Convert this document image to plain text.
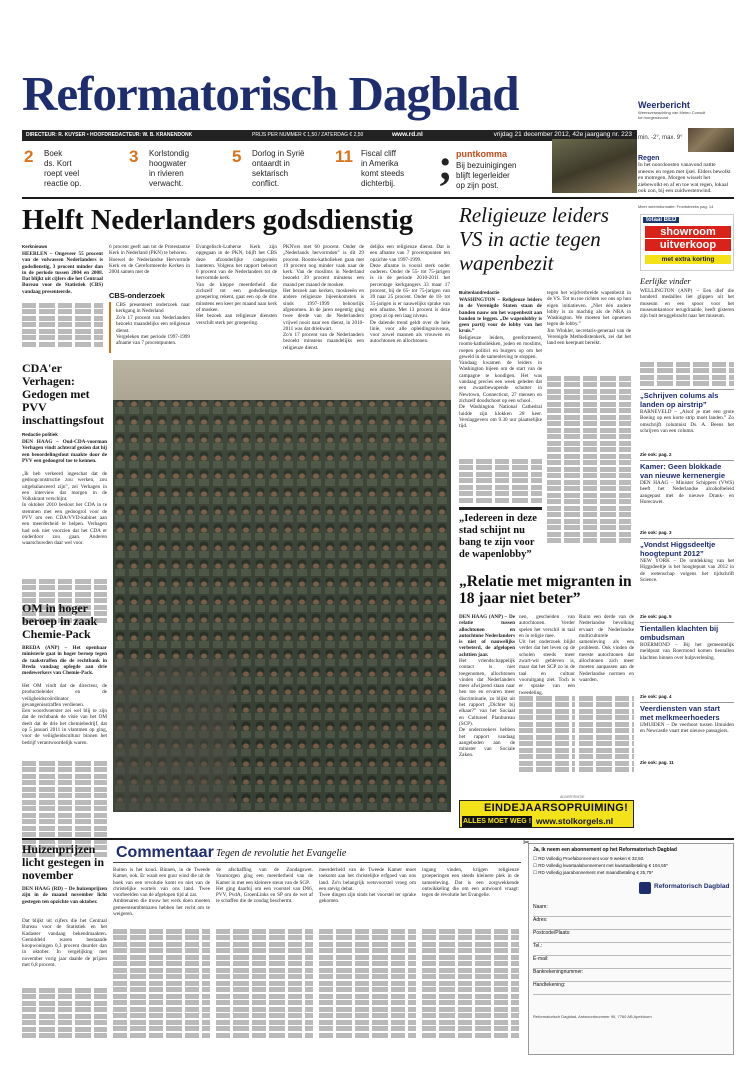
Reformatorisch Dagblad	Weerbericht
Weersverwachting van Meteo Consult
tot morgenavond
DIRECTEUR: R. KUYSER • HOOFDREDACTEUR: W. B. KRANENDONK	PRIJS PER NUMMER € 1,50 / ZATERDAG € 2,50	www.rd.nl	vrijdag 21 december 2012, 42e jaargang nr. 223 min. -2°, max. 9°
2 Boek
ds. Kort
roept veel
reactie op.
3 Korlstondig
hoogwater
in rivieren
verwacht.
5 Dorlog in Syrië
ontaardt in
sektarisch
conflict.
11 Fiscal cliff
in Amerika
komt steeds
dichterbij. ; puntkomma
Bij bezuinigingen
blijft legerleider
op zijn post.
Regen
In het noordoosten vanavond nattte sneeuw en regen met ijsel. Elders bewolkt en motregen. Morgen wisselt het ziebewolkt en af en toe wat regen, lokaal ook zon, bij een zuidwestenwind.
Meer weerinformatie: Frontstreeks pag. 14
Helft Nederlanders godsdienstig Religieuze leiders VS in actie tegen wapenbezit
Kerknieuws
HEERLEN – Ongeveer 55 procent van de volwassen Nederlanders is godsdienstig, 3 procent minder dan in de periode tussen 2004 en 2008. Dat blijkt uit cijfers die het Centraal Bureau voor de Statistiek (CBS) vandaag presenteerde.
6 procent geeft aan tot de Protestantse Kerk in Nederland (PKN) te behoren.
Hoewel de Nederlandse Hervormde Kerk en de Gereformeerde Kerken in 2004 samen met de
CBS-onderzoek
CBS presenteert onderzoek naar kerkgang in Nederland
Zo'n 17 procent van Nederlanders bezoekt maandelijks een religieuze dienst.
Vergeleken met periode 1997-1999 afname van 7 procentpunten.
Evangelisch-Lutherse Kerk zijn opgegaan in de PKN, blijft het CBS deze afzonderlijke categorieën hanteren. Volgens het rapport behoort 6 procent van de Nederlanders tot de hervormde kerk.
Van de kleppe meerderheid die zichzelf tot een godsdienstige groepering rekent, gaat een op de drie minstens een keer per maand naar kerk of moskee.
Het bezoek aan religieuze diensten verschilt sterk per groepering.
PKN'ers met 60 procent. Onder de „Nederlands hervormden” is dit 29 procent. Rooms-katholieken gaan met 19 procent nog minder vaak naar de kerk. Van de moslims in Nederland bezoekt 39 procent minstens een maand per maand de moskee.
Het bezoek aan kerken, moskeeën en andere religieuze bijeenkomsten is sinds 1997-1999 behoorlijk afgenomen. In de jaren negentig ging twee derde van de Nederlanders vrijwel nooit naar een dienst, in 2010-2011 was dat driekwart.
Zo'n 17 procent van de Nederlanders bezoekt minstens maandelijks een religieuze dienst.
delijks een religieuze dienst. Dat is een afname van 7 procentpunten ten opzichte van 1997-1999.
Deze afname is vooral sterk onder ouderen. Onder de 55- tot 75-jarigen is in de periode 2010-2011 het percentage kerkgangers 33 maar 17 procent, bij de 65- tot 75-jarigen van 39 naar 25 procent. Onder de 18- tot 35-jarigen is er nauwelijks sprake van een afname. Met 13 procent is deze groep al op een laag niveau.
De dalende trend geldt over de hele linie, voor alle opleidingsniveaus, voor zowel mannen als vrouwen en autochtonen en allochtonen.
CDA'er Verhagen: Gedogen met PVV inschattingsfout
Redactie politiek
DEN HAAG – Oud-CDA-voorman Verhagen vindt achteraf gezien dat hij een beoordelingsfout maakte door de PVV een gedoogrol toe te kennen.
„Ik heb verkeerd ingeschat dat de gedoogconstructie zou werken, zou uitgebalanceerd zijn”, zei Verhagen in een interview dat morgen in de Volkskrant verschijnt.
In oktober 2010 besloot het CDA in te stemmen met een gedoogrol voor de PVV om een CDA/VVD-kabinet aan een meerderheid te helpen. Verhagen had ook niet voorzien dat het CDA er onderdoor zou gaan. Anderen waarschuwden daar wel voor.
OM in hoger beroep in zaak Chemie-Pack
BREDA (ANP) – Het openbaar ministerie gaat in hoger beroep tegen de taakstraffen die de rechtbank in Breda vandaag oplegde aan drie medewerkers van Chemie-Pack.
Het OM vindt dat de directeur, de productieleider en de veiligheidscoördinator gevangenisstraffen verdienen.
Een woordvoerster zei wel blij te zijn dat de rechtbank de visie van het OM deelt dat de drie het chemiebedrijf, dat op 5 januari 2011 in vlammen op ging, voor de veiligheidscultuur binnen het bedrijf verantwoordelijk waren.
Buitenlandredactie
WASHINGTON – Religieuze leiders in de Verenigde Staten staan de banden nauw om het wapenbezit aan banden te leggen. „De wapenlobby is geen partij voor de lobby van het kruis.”
Religieuze leiders, gereformeerd, rooms-katholiekken, joden en moslims, roepen politici en burgers op om het geweld in de samenleving te stoppen.
Vandaag kwamen de leiders in Washington bijeen om de start van de campagne te kondigen. Het was vandaag precies een week geleden dat een zwaarbewapende schutter in Newtown, Connecticut, 27 mensen en zichzelf doodschoot op een school.
De Washington National Cathedral luidde zijn klokken 28 keer. Verslaggevers om 9.30 uur plaatselijke tijd.
„Iedereen in deze stad schijnt nu bang te zijn voor de wapenlobby”
tegen het wijdverbreide wapenbezit in de VS. Tot nu toe richten we ons op hun eigen initiatieven. „Niet één andere lobby is zo machtig als de NRA in Washington. We moeten het opnemen tegen de lobby.”
Jim Winkler, secretaris-generaal van de Verenigde Methodistenkerk, zei dat het land een keerpunt bereikt.
„Relatie met migranten in 18 jaar niet beter”
DEN HAAG (ANP) – De relatie tussen allochtonen en autochtone Nederlanders is niet of nauwelijks verbeterd, de afgelopen achttien jaar.
Het vriendschappelijk contact is niet toegenomen, allochtonen vinden dat Nederlanders meer afwijzend staan naar hen toe en ervaren meer discriminatie, zo blijkt uit het rapport „Dichter bij elkaar?” van het Sociaal en Cultureel Planbureau (SCP).
De onderzoekers hebben het rapport vandaag aangeboden aan de minister van Sociale Zaken.
nen, gescheiden van autochtonen. Verder spelen het verschil in taal en in religie mee.
Uit het onderzoek blijkt verder dat het leven op de scholen steeds meer zwart-wit gebleven is, maar dat het SCP zo in de taal en cultuur vooruitgang ziet. Toch is er sprake van een tweedeling.
Ruim een derde van de Nederlandse bevolking ervaart de Nederlandse multiculturele samenleving als een probleem. Ook vinden de meeste autochtonen dat allochtonen zich meer moeten aanpassen aan de Nederlandse normen en waarden.
ADVERTENTIE
EINDEJAARSOPRUIMING!
ALLES MOET WEG ! www.stolkorgels.nl
totaal BED
showroom
uitverkoop
met extra korting
Eerlijke vinder
WELLINGTON (ANP) – Een dief die honderd medailles liet glippen uit het museum en een spoor voor het museumkantoor terugdraaide, heeft gisteren zijn buit teruggebracht naar het museum.
„Schrijven colums als landen op airstrip”
BARNEVELD – „Alsof je met een grote Boeing op een korte strip moet landen.” Zo omschrijft columnist Ds. A. Beens het schrijven van een column.
Zie ook: pag. 2
Kamer: Geen blokkade van nieuwe kernenergie
DEN HAAG – Minister Schippers (VWS) heeft het Nederlandse alcoholbeleid aangepast met de nieuwe Drank- en Horecawet.
Zie ook: pag. 3
„Vondst Higgsdeeltje hoogtepunt 2012”
NEW YORK – De ontdekking van het Higgsdeeltje is het hoogtepunt van 2012 in de wetenschap volgens het tijdschrift Science.
Zie ook: pag. 5
Tientallen klachten bij ombudsman
ROERMOND – Bij het gemeentelijk meldpunt van Roermond komen tientallen klachten binnen over hulpverlening.
Zie ook: pag. 4
Veerdiensten van start met melkmeerhoeders
IJMUIDEN – De veerboot tussen IJmuiden en Newcastle vaart met nieuwe passagiers.
Zie ook: pag. 11
Huizenprijzen licht gestegen in november
DEN HAAG (RD) – De huizenprijzen zijn in de maand november licht gestegen ten opzichte van oktober.
Dat blijkt uit cijfers die het Centraal Bureau voor de Statistiek en het Kadaster vandaag bekendmaakten. Gemiddeld waren bestaande koopwoningen 0,3 procent duurder dan in oktober. In vergelijking met november vorig jaar daalde de prijzen met 6,8 procent.
Commentaar Tegen de revolutie het Evangelie
Buiten is het koud. Binnen, in de Tweede Kamer, ook. Er waait een guur wind die uit de hoek van een revolutie komt en niet van de christelijke wortels van ons land. Twee voorbeelden van de afgelopen tijd al zat.
Ambtenaren die trouw het werk doen moeten gemeenteambtenaren hebben het recht om te weigeren.
de afschaffing van de Zondagswet. Vanmorgen ging een meerderheid van de Kamer in met een kleinere steun van de SGP.
Het ging daarbij om een voorstel van D66, PVV, PvdA, GroenLinks en SP om de wet af te schaffen die de zondag beschermt.
meerderheid van de Tweede Kamer moet toekomt aan het christelijke erfgoed van ons land. Zo'n belangrijk wetsvoorstel vroeg om een stevig debat.
Twee dingen zijn sinds het voorstel ter sprake gekomen.
ingang vinden, krijgen religieuze groeperingen een steeds kleinere plek in de samenleving. Dat is een zorgwekkende ontwikkeling die om een antwoord vraagt: tegen de revolutie het Evangelie.
Ja, ik neem een abonnement op het Reformatorisch Dagblad
☐ RD Volledig Proefabonnement voor 9 weken € 32,50.
☐ RD Volledig kwartaalabonnement met kwartaalbetaling € 104,55*
☐ RD Volledig jaarabonnement met maandbetaling € 25,75*
Reformatorisch Dagblad
Naam:
Adres:
Postcode/Plaats:
Tel.:
E-mail:
Bankrekeningnummer:
Handtekening:
Reformatorisch Dagblad, Antwoordnummer 90, 7760 AB Apeldoorn
✂
